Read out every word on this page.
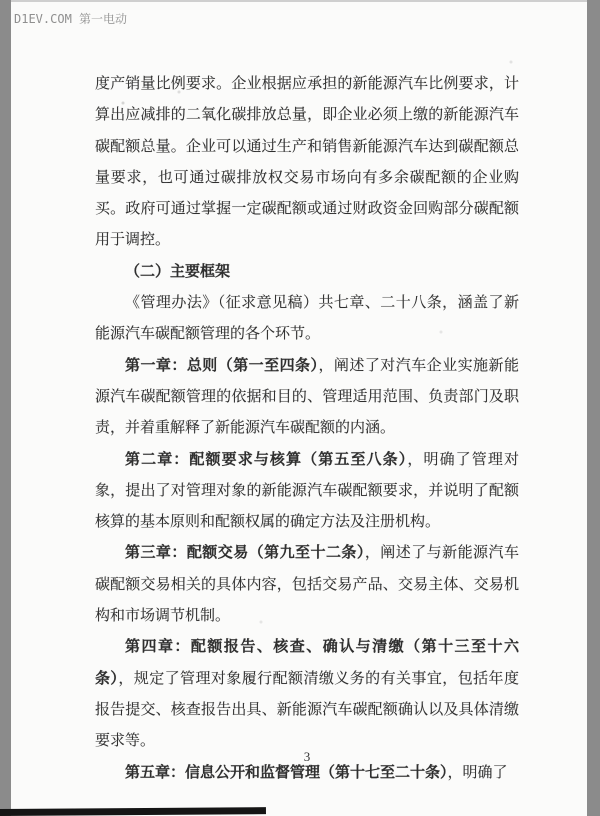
D1EV.COM 第一电动

度产销量比例要求。企业根据应承担的新能源汽车比例要求，计算出应减排的二氧化碳排放总量，即企业必须上缴的新能源汽车碳配额总量。企业可以通过生产和销售新能源汽车达到碳配额总量要求，也可通过碳排放权交易市场向有多余碳配额的企业购买。政府可通过掌握一定碳配额或通过财政资金回购部分碳配额用于调控。

（二）主要框架

《管理办法》（征求意见稿）共七章、二十八条，涵盖了新能源汽车碳配额管理的各个环节。

第一章：总则（第一至四条），阐述了对汽车企业实施新能源汽车碳配额管理的依据和目的、管理适用范围、负责部门及职责，并着重解释了新能源汽车碳配额的内涵。

第二章：配额要求与核算（第五至八条），明确了管理对象，提出了对管理对象的新能源汽车碳配额要求，并说明了配额核算的基本原则和配额权属的确定方法及注册机构。

第三章：配额交易（第九至十二条），阐述了与新能源汽车碳配额交易相关的具体内容，包括交易产品、交易主体、交易机构和市场调节机制。

第四章：配额报告、核查、确认与清缴（第十三至十六条），规定了管理对象履行配额清缴义务的有关事宜，包括年度报告提交、核查报告出具、新能源汽车碳配额确认以及具体清缴要求等。

第五章：信息公开和监督管理（第十七至二十条），明确了

3
